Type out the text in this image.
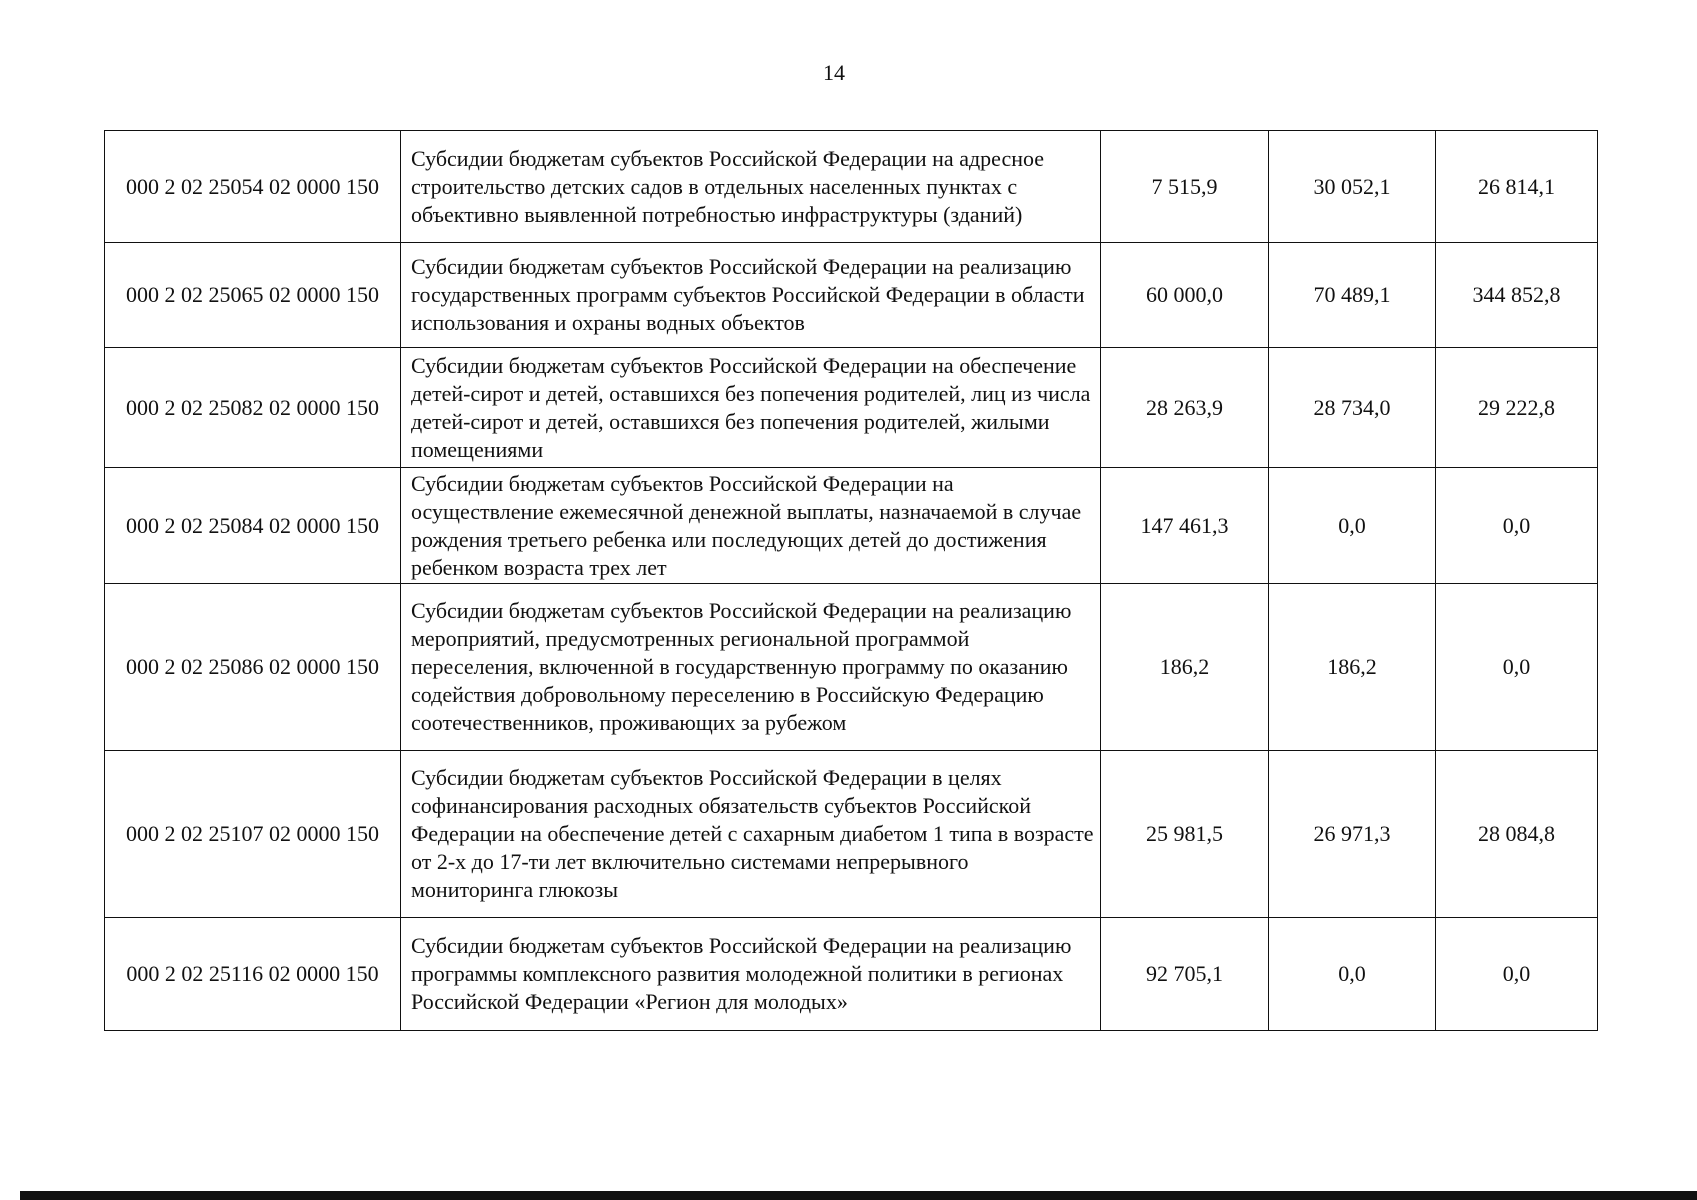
14
000 2 02 25054 02 0000 150	Субсидии бюджетам субъектов Российской Федерации на адресное строительство детских садов в отдельных населенных пунктах с объективно выявленной потребностью инфраструктуры (зданий)	7 515,9	30 052,1	26 814,1
000 2 02 25065 02 0000 150	Субсидии бюджетам субъектов Российской Федерации на реализацию государственных программ субъектов Российской Федерации в области использования и охраны водных объектов	60 000,0	70 489,1	344 852,8
000 2 02 25082 02 0000 150	Субсидии бюджетам субъектов Российской Федерации на обеспечение детей-сирот и детей, оставшихся без попечения родителей, лиц из числа детей-сирот и детей, оставшихся без попечения родителей, жилыми помещениями	28 263,9	28 734,0	29 222,8
000 2 02 25084 02 0000 150	Субсидии бюджетам субъектов Российской Федерации на осуществление ежемесячной денежной выплаты, назначаемой в случае рождения третьего ребенка или последующих детей до достижения ребенком возраста трех лет	147 461,3	0,0	0,0
000 2 02 25086 02 0000 150	Субсидии бюджетам субъектов Российской Федерации на реализацию мероприятий, предусмотренных региональной программой переселения, включенной в государственную программу по оказанию содействия добровольному переселению в Российскую Федерацию соотечественников, проживающих за рубежом	186,2	186,2	0,0
000 2 02 25107 02 0000 150	Субсидии бюджетам субъектов Российской Федерации в целях софинансирования расходных обязательств субъектов Российской Федерации на обеспечение детей с сахарным диабетом 1 типа в возрасте от 2-х до 17-ти лет включительно системами непрерывного мониторинга глюкозы	25 981,5	26 971,3	28 084,8
000 2 02 25116 02 0000 150	Субсидии бюджетам субъектов Российской Федерации на реализацию программы комплексного развития молодежной политики в регионах Российской Федерации «Регион для молодых»	92 705,1	0,0	0,0
